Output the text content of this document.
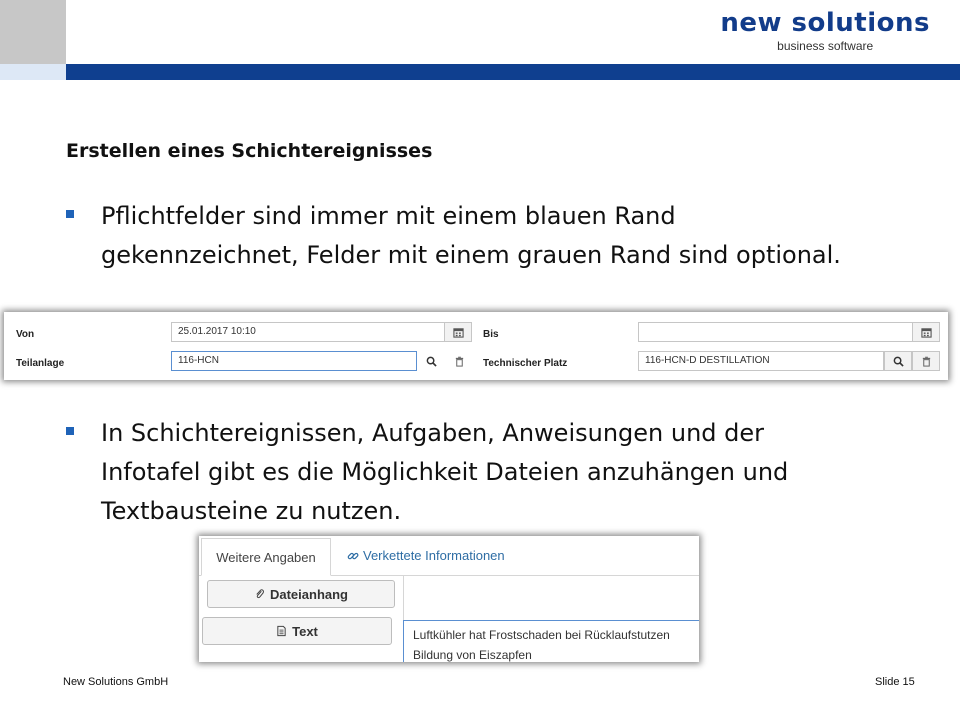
new solutions
business software
Erstellen eines Schichtereignisses
Pflichtfelder sind immer mit einem blauen Rand gekennzeichnet, Felder mit einem grauen Rand sind optional.
Von	25.01.2017 10:10	Bis
Teilanlage	116-HCN	Technischer Platz	116-HCN-D DESTILLATION
In Schichtereignissen, Aufgaben, Anweisungen und der Infotafel gibt es die Möglichkeit Dateien anzuhängen und Textbausteine zu nutzen.
Weitere Angaben	Verkettete Informationen
Dateianhang
Text	Luftkühler hat Frostschaden bei Rücklaufstutzen
Bildung von Eiszapfen
New Solutions GmbH	Slide 15
